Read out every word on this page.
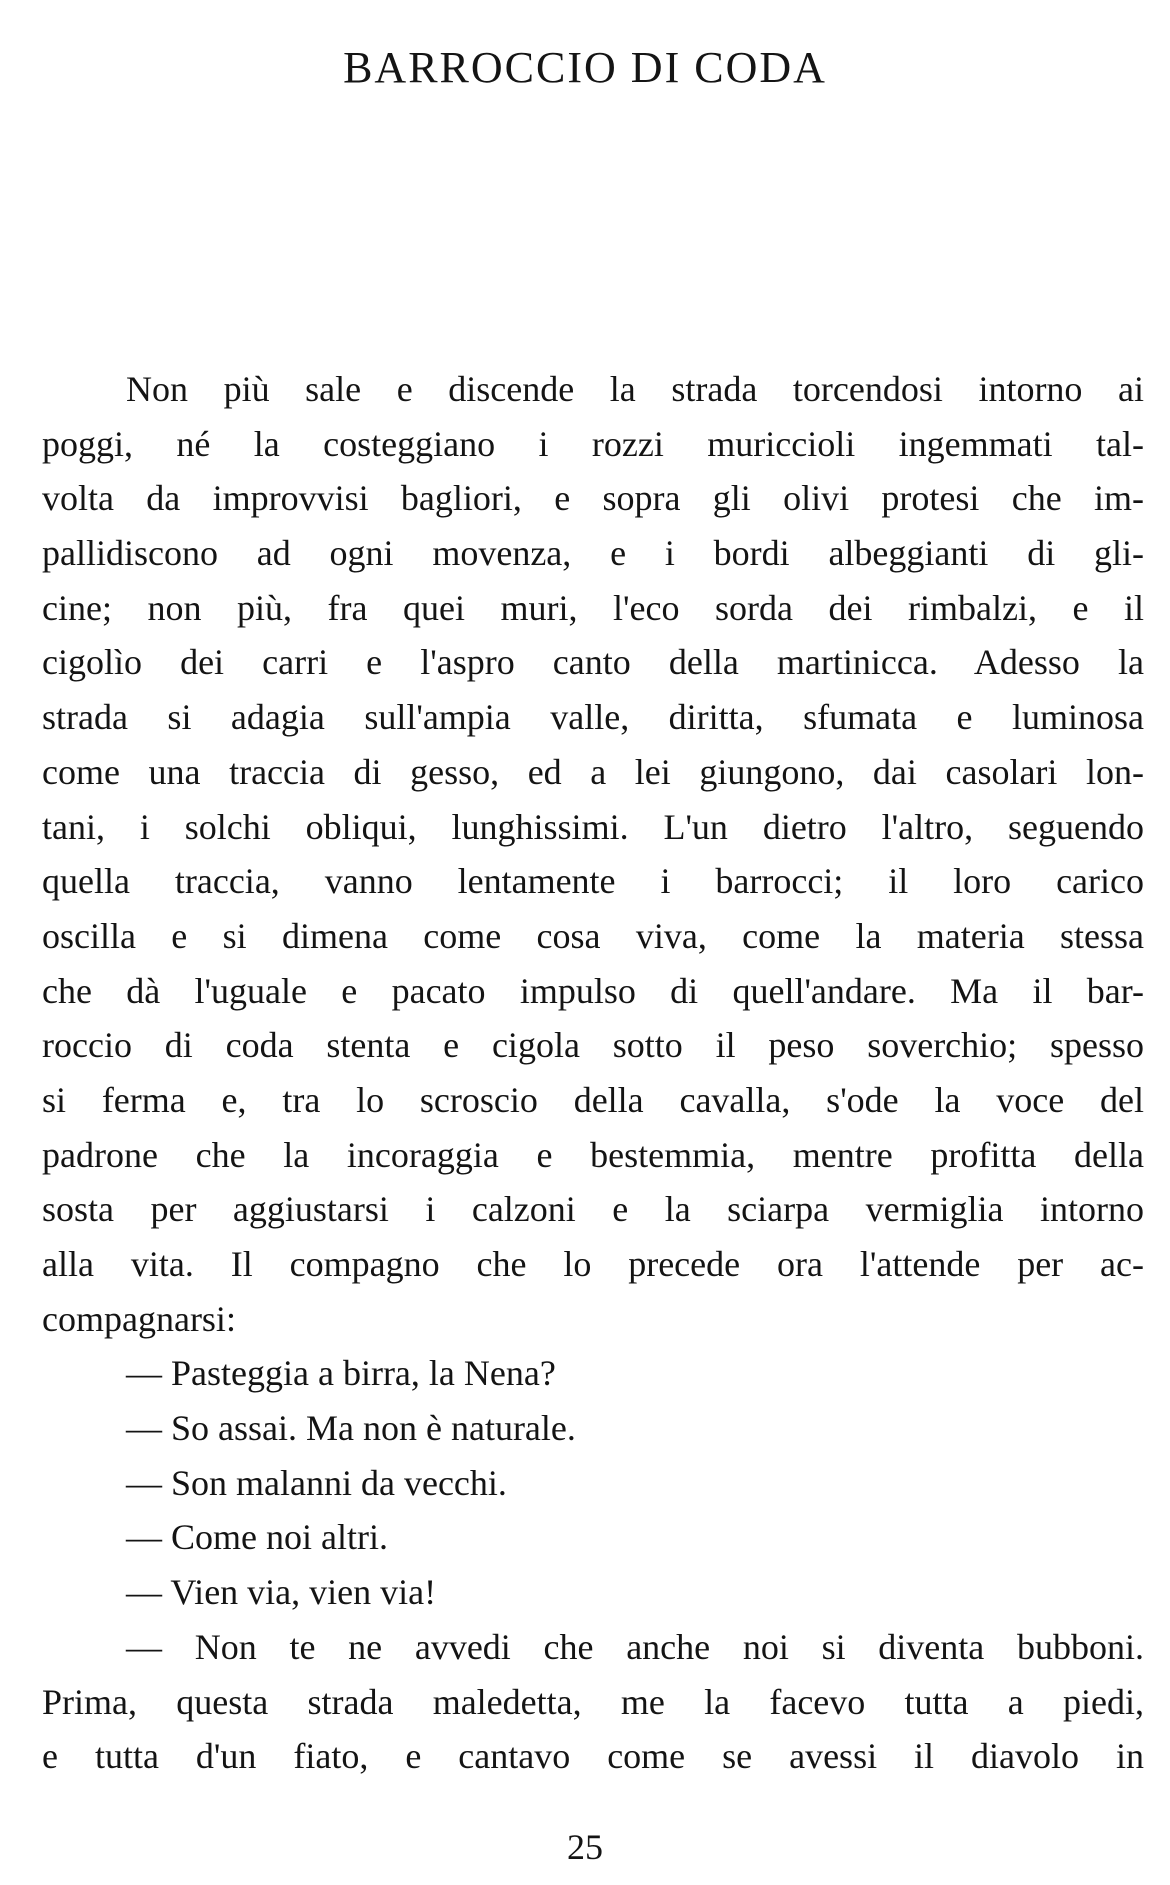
BARROCCIO DI CODA
Non più sale e discende la strada torcendosi intorno ai
poggi, né la costeggiano i rozzi muriccioli ingemmati tal-
volta da improvvisi bagliori, e sopra gli olivi protesi che im-
pallidiscono ad ogni movenza, e i bordi albeggianti di gli-
cine; non più, fra quei muri, l'eco sorda dei rimbalzi, e il
cigolìo dei carri e l'aspro canto della martinicca. Adesso la
strada si adagia sull'ampia valle, diritta, sfumata e luminosa
come una traccia di gesso, ed a lei giungono, dai casolari lon-
tani, i solchi obliqui, lunghissimi. L'un dietro l'altro, seguendo
quella traccia, vanno lentamente i barrocci; il loro carico
oscilla e si dimena come cosa viva, come la materia stessa
che dà l'uguale e pacato impulso di quell'andare. Ma il bar-
roccio di coda stenta e cigola sotto il peso soverchio; spesso
si ferma e, tra lo scroscio della cavalla, s'ode la voce del
padrone che la incoraggia e bestemmia, mentre profitta della
sosta per aggiustarsi i calzoni e la sciarpa vermiglia intorno
alla vita. Il compagno che lo precede ora l'attende per ac-
compagnarsi:
— Pasteggia a birra, la Nena?
— So assai. Ma non è naturale.
— Son malanni da vecchi.
— Come noi altri.
— Vien via, vien via!
— Non te ne avvedi che anche noi si diventa bubboni.
Prima, questa strada maledetta, me la facevo tutta a piedi,
e tutta d'un fiato, e cantavo come se avessi il diavolo in
25
